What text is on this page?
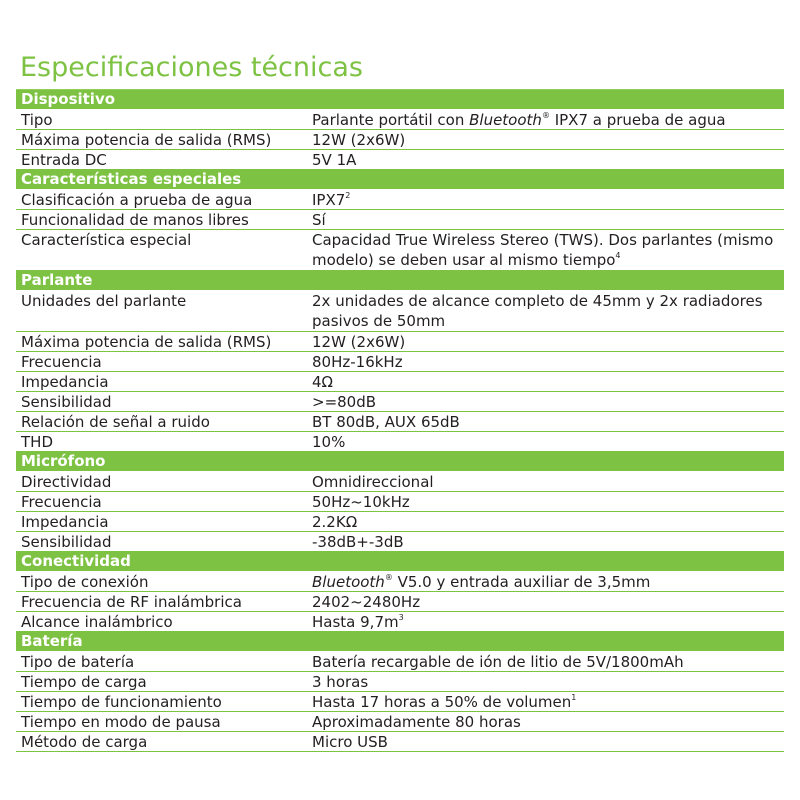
Especificaciones técnicas
Dispositivo
Tipo	Parlante portátil con Bluetooth® IPX7 a prueba de agua
Máxima potencia de salida (RMS)	12W (2x6W)
Entrada DC	5V 1A
Características especiales
Clasificación a prueba de agua	$IPX7^2$
Funcionalidad de manos libres	Sí
Característica especial	Capacidad True Wireless Stereo (TWS). Dos parlantes (mismo modelo) se deben usar al mismo tiempo$^4$
Parlante
Unidades del parlante	2x unidades de alcance completo de 45mm y 2x radiadores pasivos de 50mm
Máxima potencia de salida (RMS)	12W (2x6W)
Frecuencia	80Hz-16kHz
Impedancia	4Ω
Sensibilidad	>=80dB
Relación de señal a ruido	BT 80dB, AUX 65dB
THD	10%
Micrófono
Directividad	Omnidireccional
Frecuencia	50Hz~10kHz
Impedancia	2.2KΩ
Sensibilidad	-38dB+-3dB
Conectividad
Tipo de conexión	Bluetooth® V5.0 y entrada auxiliar de 3,5mm
Frecuencia de RF inalámbrica	2402~2480Hz
Alcance inalámbrico	Hasta $9,7m^3$
Batería
Tipo de batería	Batería recargable de ión de litio de 5V/1800mAh
Tiempo de carga	3 horas
Tiempo de funcionamiento	Hasta 17 horas a 50% de volumen$^1$
Tiempo en modo de pausa	Aproximadamente 80 horas
Método de carga	Micro USB
